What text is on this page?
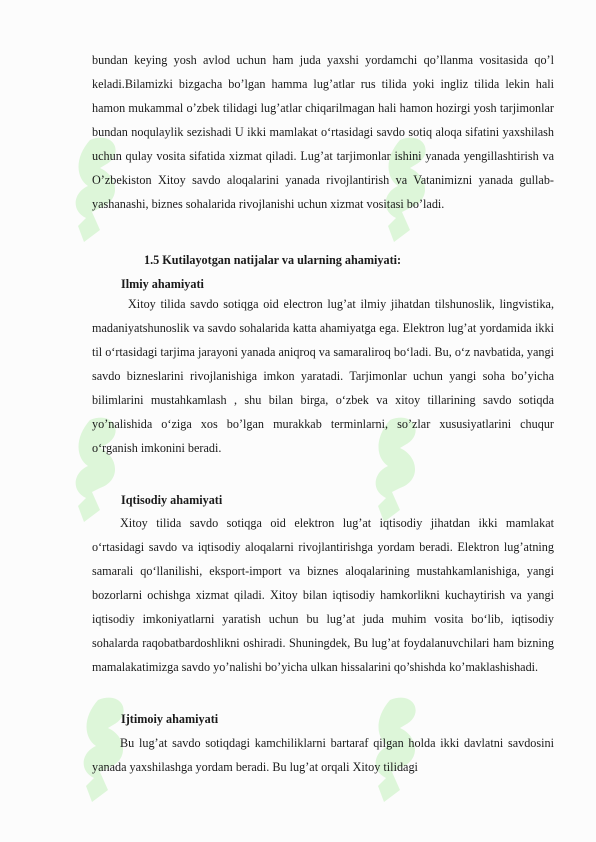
bundan keying yosh avlod uchun ham juda yaxshi yordamchi qo’llanma vositasida qo’l keladi.Bilamizki bizgacha bo’lgan hamma lug’atlar rus tilida yoki ingliz tilida lekin hali hamon mukammal o’zbek tilidagi lug’atlar chiqarilmagan hali hamon hozirgi yosh tarjimonlar bundan noqulaylik sezishadi U ikki mamlakat o‘rtasidagi savdo sotiq aloqa sifatini yaxshilash uchun qulay vosita sifatida xizmat qiladi. Lug’at tarjimonlar ishini yanada yengillashtirish va O’zbekiston Xitoy savdo aloqalarini yanada rivojlantirish va Vatanimizni yanada gullab-yashanashi, biznes sohalarida rivojlanishi uchun xizmat vositasi bo’ladi.
1.5 Kutilayotgan natijalar va ularning ahamiyati:
Ilmiy ahamiyati
Xitoy tilida savdo sotiqga oid electron lug’at ilmiy jihatdan tilshunoslik, lingvistika, madaniyatshunoslik va savdo sohalarida katta ahamiyatga ega. Elektron lug’at yordamida ikki til o‘rtasidagi tarjima jarayoni yanada aniqroq va samaraliroq bo‘ladi. Bu, o‘z navbatida, yangi savdo bizneslarini rivojlanishiga imkon yaratadi. Tarjimonlar uchun yangi soha bo’yicha bilimlarini mustahkamlash , shu bilan birga, o‘zbek va xitoy tillarining savdo sotiqda yo’nalishida o‘ziga xos bo’lgan murakkab terminlarni, so’zlar xususiyatlarini chuqur o‘rganish imkonini beradi.
Iqtisodiy ahamiyati
Xitoy tilida savdo sotiqga oid elektron lug’at iqtisodiy jihatdan ikki mamlakat o‘rtasidagi savdo va iqtisodiy aloqalarni rivojlantirishga yordam beradi. Elektron lug’atning samarali qo‘llanilishi, eksport-import va biznes aloqalarining mustahkamlanishiga, yangi bozorlarni ochishga xizmat qiladi. Xitoy bilan iqtisodiy hamkorlikni kuchaytirish va yangi iqtisodiy imkoniyatlarni yaratish uchun bu lug’at juda muhim vosita bo‘lib, iqtisodiy sohalarda raqobatbardoshlikni oshiradi. Shuningdek, Bu lug’at foydalanuvchilari ham bizning mamalakatimizga savdo yo’nalishi bo’yicha ulkan hissalarini qo’shishda ko’maklashishadi.
Ijtimoiy ahamiyati
Bu lug’at savdo sotiqdagi kamchiliklarni bartaraf qilgan holda ikki davlatni savdosini yanada yaxshilashga yordam beradi. Bu lug’at orqali Xitoy tilidagi
